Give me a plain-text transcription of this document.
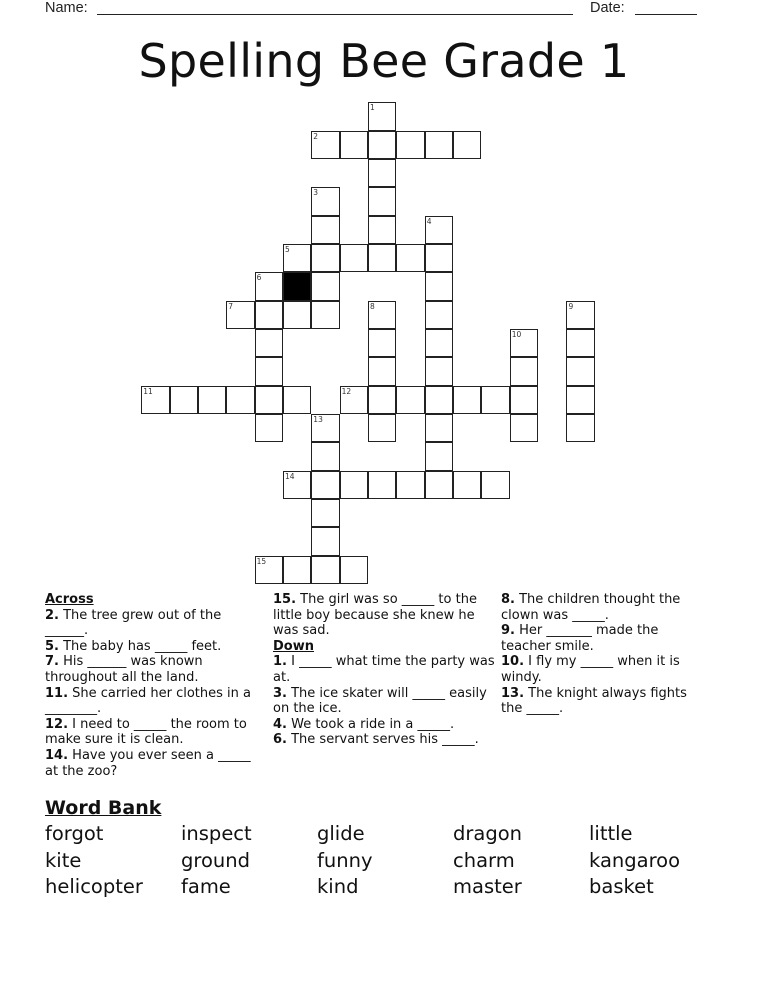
Name:	Date:
Spelling Bee Grade 1
1
2
3
4
5
6
7	8	9
10
11	12
13
14
15
Across
2. The tree grew out of the ______.
5. The baby has _____ feet.
7. His ______ was known throughout all the land.
11. She carried her clothes in a ________.
12. I need to _____ the room to make sure it is clean.
14. Have you ever seen a _____ at the zoo?
15. The girl was so _____ to the little boy because she knew he was sad.
Down
1. I _____ what time the party was at.
3. The ice skater will _____ easily on the ice.
4. We took a ride in a _____.
6. The servant serves his _____.
8. The children thought the clown was _____.
9. Her _______ made the teacher smile.
10. I fly my _____ when it is windy.
13. The knight always fights the _____.
Word Bank
forgot	inspect	glide	dragon	little
kite	ground	funny	charm	kangaroo
helicopter	fame	kind	master	basket
